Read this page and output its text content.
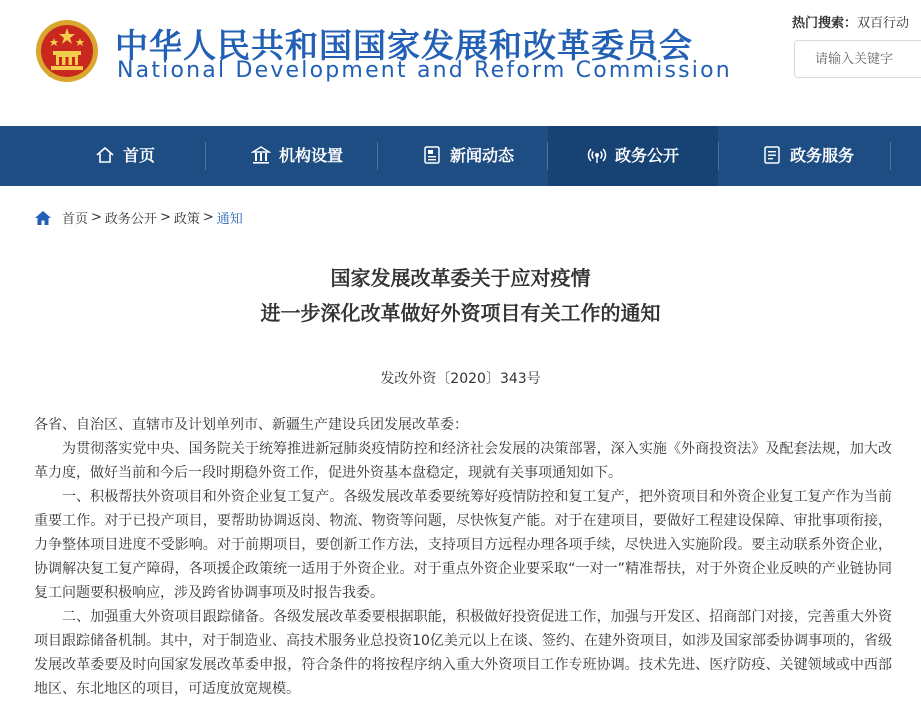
中华人民共和国国家发展和改革委员会
National Development and Reform Commission
热门搜索：双百行动
请输入关键字
首页	机构设置	新闻动态	政务公开	政务服务
首页 > 政务公开 > 政策 > 通知
国家发展改革委关于应对疫情
进一步深化改革做好外资项目有关工作的通知
发改外资〔2020〕343号

各省、自治区、直辖市及计划单列市、新疆生产建设兵团发展改革委：

为贯彻落实党中央、国务院关于统筹推进新冠肺炎疫情防控和经济社会发展的决策部署，深入实施《外商投资法》及配套法规，加大改革力度，做好当前和今后一段时期稳外资工作，促进外资基本盘稳定，现就有关事项通知如下。

一、积极帮扶外资项目和外资企业复工复产。各级发展改革委要统筹好疫情防控和复工复产，把外资项目和外资企业复工复产作为当前重要工作。对于已投产项目，要帮助协调返岗、物流、物资等问题，尽快恢复产能。对于在建项目，要做好工程建设保障、审批事项衔接，力争整体项目进度不受影响。对于前期项目，要创新工作方法，支持项目方远程办理各项手续，尽快进入实施阶段。要主动联系外资企业，协调解决复工复产障碍，各项援企政策统一适用于外资企业。对于重点外资企业要采取“一对一”精准帮扶，对于外资企业反映的产业链协同复工问题要积极响应，涉及跨省协调事项及时报告我委。

二、加强重大外资项目跟踪储备。各级发展改革委要根据职能，积极做好投资促进工作，加强与开发区、招商部门对接，完善重大外资项目跟踪储备机制。其中，对于制造业、高技术服务业总投资10亿美元以上在谈、签约、在建外资项目，如涉及国家部委协调事项的，省级发展改革委要及时向国家发展改革委申报，符合条件的将按程序纳入重大外资项目工作专班协调。技术先进、医疗防疫、关键领域或中西部地区、东北地区的项目，可适度放宽规模。
